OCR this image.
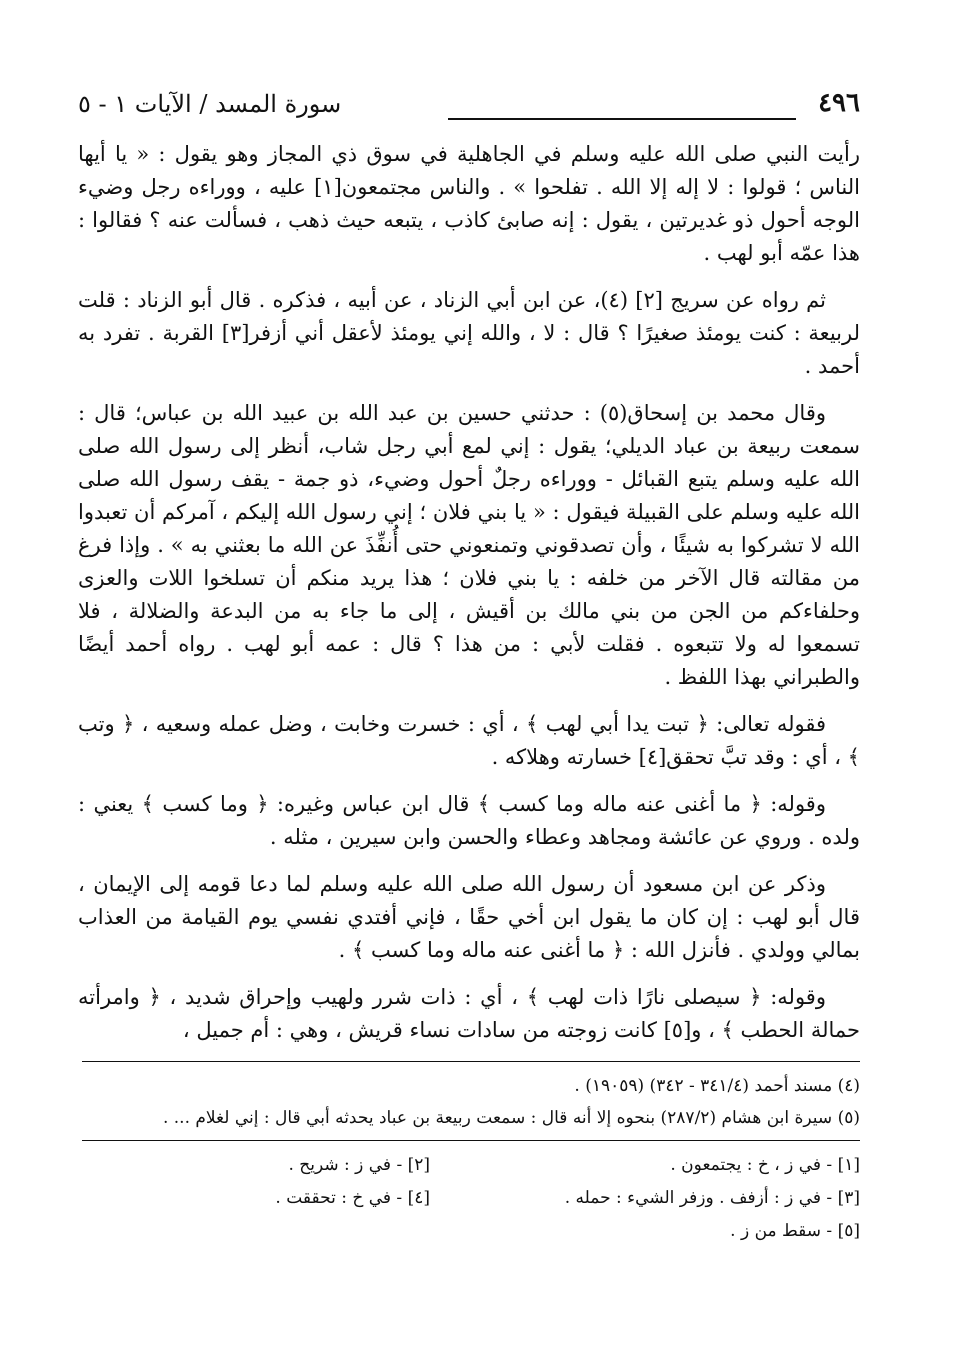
٤٩٦
سورة المسد / الآيات ١ - ٥

رأيت النبي صلى الله عليه وسلم في الجاهلية في سوق ذي المجاز وهو يقول : « يا أيها الناس ؛ قولوا : لا إله إلا الله . تفلحوا » . والناس مجتمعون[١] عليه ، ووراءه رجل وضيء الوجه أحول ذو غديرتين ، يقول : إنه صابئ كاذب ، يتبعه حيث ذهب ، فسألت عنه ؟ فقالوا : هذا عمّه أبو لهب .

ثم رواه عن سريج [٢] (٤)، عن ابن أبي الزناد ، عن أبيه ، فذكره . قال أبو الزناد : قلت لربيعة : كنت يومئذ صغيرًا ؟ قال : لا ، والله إني يومئذ لأعقل أني أزفر[٣] القربة . تفرد به أحمد .

وقال محمد بن إسحاق(٥) : حدثني حسين بن عبد الله بن عبيد الله بن عباس؛ قال : سمعت ربيعة بن عباد الديلي؛ يقول : إني لمع أبي رجل شاب، أنظر إلى رسول الله صلى الله عليه وسلم يتبع القبائل - ووراءه رجلٌ أحول وضيء، ذو جمة - يقف رسول الله صلى الله عليه وسلم على القبيلة فيقول : « يا بني فلان ؛ إني رسول الله إليكم ، آمركم أن تعبدوا الله لا تشركوا به شيئًا ، وأن تصدقوني وتمنعوني حتى أُنفِّذَ عن الله ما بعثني به » . وإذا فرغ من مقالته قال الآخر من خلفه : يا بني فلان ؛ هذا يريد منكم أن تسلخوا اللات والعزى وحلفاءكم من الجن من بني مالك بن أقيش ، إلى ما جاء به من البدعة والضلالة ، فلا تسمعوا له ولا تتبعوه . فقلت لأبي : من هذا ؟ قال : عمه أبو لهب . رواه أحمد أيضًا والطبراني بهذا اللفظ .

فقوله تعالى: ﴿ تبت يدا أبي لهب ﴾ ، أي : خسرت وخابت ، وضل عمله وسعيه ، ﴿ وتب ﴾ ، أي : وقد تبَّ تحقق[٤] خسارته وهلاكه .

وقوله: ﴿ ما أغنى عنه ماله وما كسب ﴾ قال ابن عباس وغيره: ﴿ وما كسب ﴾ يعني : ولده . وروي عن عائشة ومجاهد وعطاء والحسن وابن سيرين ، مثله .

وذكر عن ابن مسعود أن رسول الله صلى الله عليه وسلم لما دعا قومه إلى الإيمان ، قال أبو لهب : إن كان ما يقول ابن أخي حقًا ، فإني أفتدي نفسي يوم القيامة من العذاب بمالي وولدي . فأنزل الله : ﴿ ما أغنى عنه ماله وما كسب ﴾ .

وقوله: ﴿ سيصلى نارًا ذات لهب ﴾ ، أي : ذات شرر ولهيب وإحراق شديد ، ﴿ وامرأته حمالة الحطب ﴾ ، و[٥] كانت زوجته من سادات نساء قريش ، وهي : أم جميل ،

(٤) مسند أحمد (٣٤١/٤ - ٣٤٢) (١٩٠٥٩) .

(٥) سيرة ابن هشام (٢٨٧/٢) بنحوه إلا أنه قال : سمعت ربيعة بن عباد يحدثه أبي قال : إني لغلام ... .

[١] - في ز ، خ : يجتمعون .
[٢] - في ز : شريح .
[٣] - في ز : أزفف . وزفر الشيء : حمله .
[٤] - في خ : تحققت .
[٥] - سقط من ز .
